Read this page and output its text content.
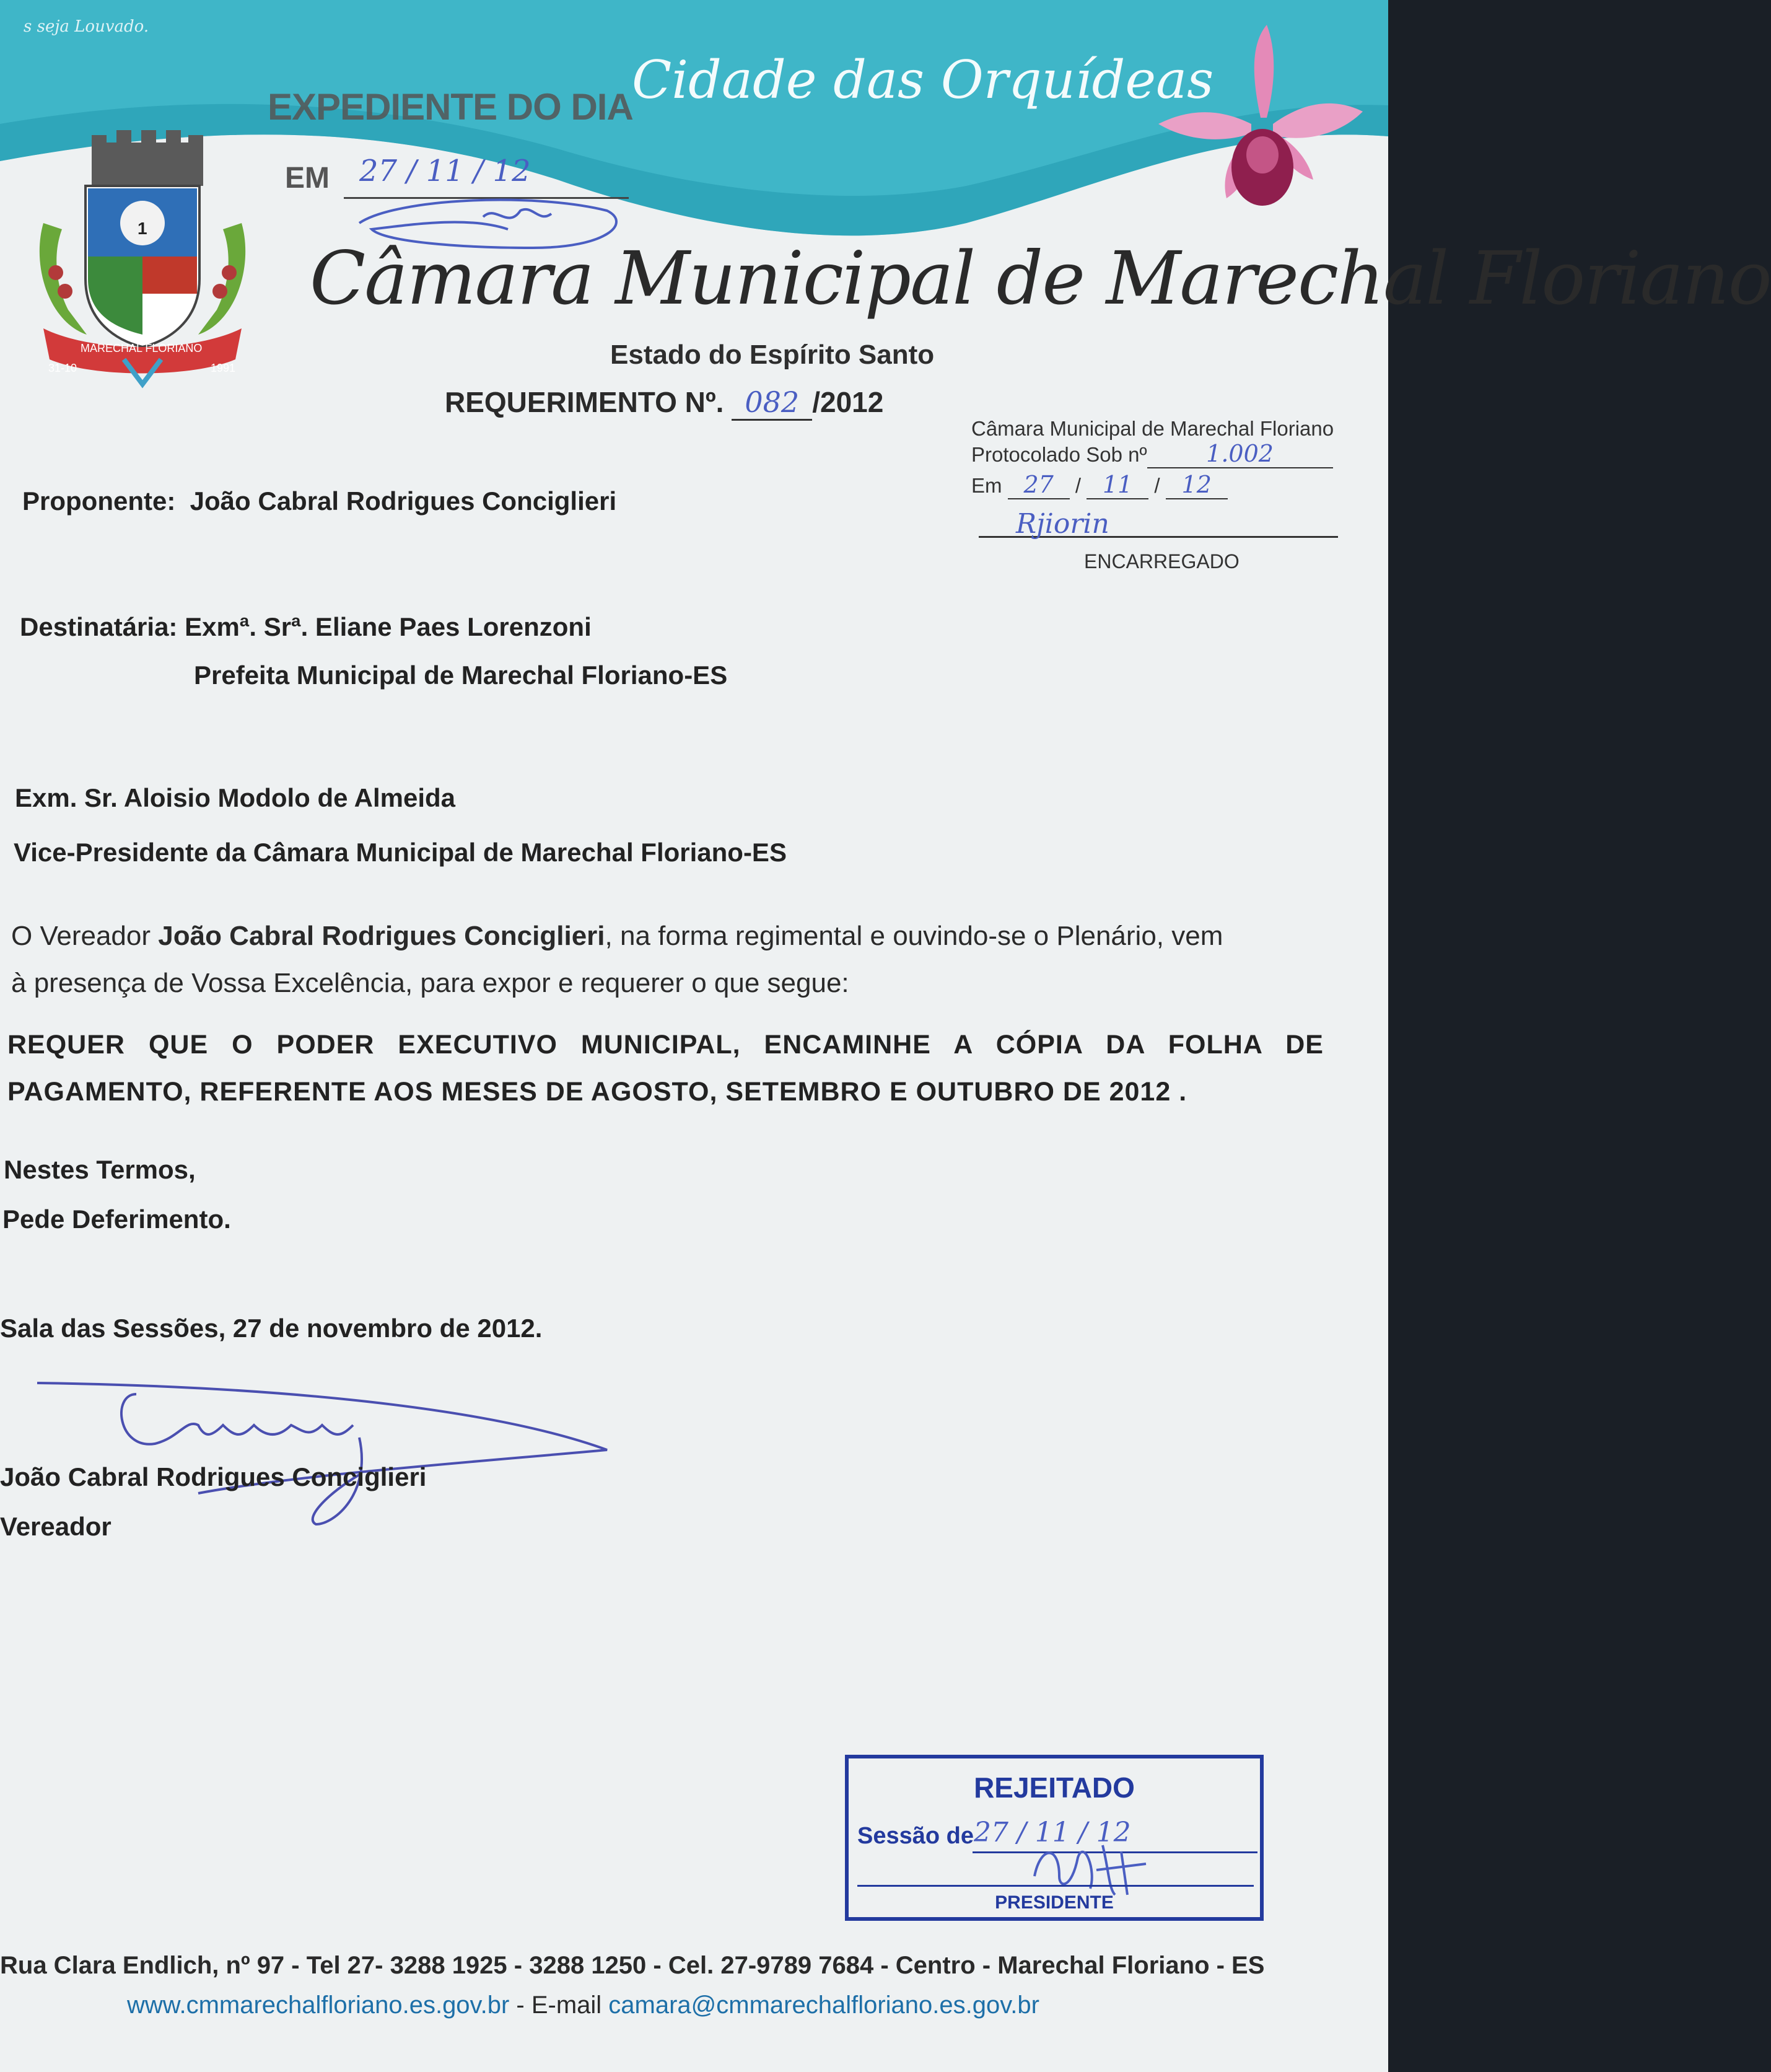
1
MARECHAL FLORIANO
31-10	1991
s seja Louvado.
Cidade das Orquídeas
EXPEDIENTE DO DIA
EM 27 / 11 / 12
Câmara Municipal de Marechal Floriano
Estado do Espírito Santo
REQUERIMENTO Nº. 082 /2012
Câmara Municipal de Marechal Floriano
Protocolado Sob nº	1.002
Em 27 / 11 / 12
Rjiorin
ENCARREGADO
Proponente: João Cabral Rodrigues Conciglieri
Destinatária: Exmª. Srª. Eliane Paes Lorenzoni
Prefeita Municipal de Marechal Floriano-ES
Exm. Sr. Aloisio Modolo de Almeida
Vice-Presidente da Câmara Municipal de Marechal Floriano-ES
O Vereador João Cabral Rodrigues Conciglieri, na forma regimental e ouvindo-se o Plenário, vem
à presença de Vossa Excelência, para expor e requerer o que segue:
REQUER QUE O PODER EXECUTIVO MUNICIPAL, ENCAMINHE A CÓPIA DA FOLHA DE
PAGAMENTO, REFERENTE AOS MESES DE AGOSTO, SETEMBRO E OUTUBRO DE 2012 .
Nestes Termos,
Pede Deferimento.
Sala das Sessões, 27 de novembro de 2012.
João Cabral Rodrigues Conciglieri
Vereador
REJEITADO
Sessão de 27 / 11 / 12
PRESIDENTE
Rua Clara Endlich, nº 97 - Tel 27- 3288 1925 - 3288 1250 - Cel. 27-9789 7684 - Centro - Marechal Floriano - ES
www.cmmarechalfloriano.es.gov.br - E-mail camara@cmmarechalfloriano.es.gov.br
